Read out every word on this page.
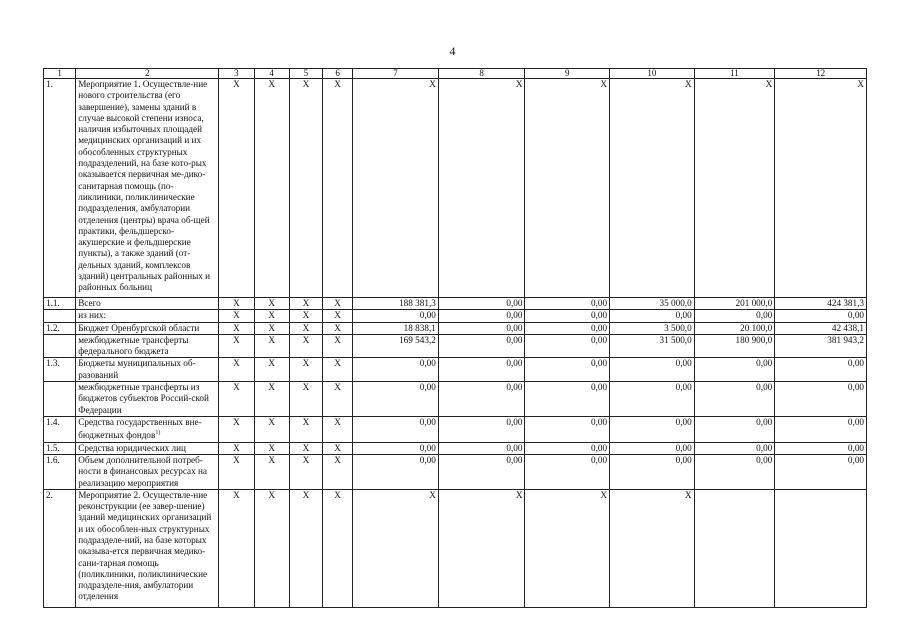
4
1	2	3	4	5	6	7	8	9	10	11	12
1.	Мероприятие 1. Осуществле-ние нового строительства (его завершение), замены зданий в случае высокой степени износа, наличия избыточных площадей медицинских организаций и их обособленных структурных подразделений, на базе кото-рых оказывается первичная ме-дико-санитарная помощь (по-ликлиники, поликлинические подразделения, амбулатории отделения (центры) врача об-щей практики, фельдшерско-акушерские и фельдшерские пункты), а также зданий (от-дельных зданий, комплексов зданий) центральных районных и районных больниц	X	X	X	X	X	X	X	X	X	X
1.1.	Всего	X	X	X	X	188 381,3	0,00	0,00	35 000,0	201 000,0	424 381,3
	из них:	X	X	X	X	0,00	0,00	0,00	0,00	0,00	0,00
1.2.	Бюджет Оренбургской области	X	X	X	X	18 838,1	0,00	0,00	3 500,0	20 100,0	42 438,1
	межбюджетные трансферты федерального бюджета	X	X	X	X	169 543,2	0,00	0,00	31 500,0	180 900,0	381 943,2
1.3.	Бюджеты муниципальных об-разований	X	X	X	X	0,00	0,00	0,00	0,00	0,00	0,00
	межбюджетные трансферты из бюджетов субъектов Россий-ской Федерации	X	X	X	X	0,00	0,00	0,00	0,00	0,00	0,00
1.4.	Средства государственных вне-бюджетных фондов$^{1)}$	X	X	X	X	0,00	0,00	0,00	0,00	0,00	0,00
1.5.	Средства юридических лиц	X	X	X	X	0,00	0,00	0,00	0,00	0,00	0,00
1.6.	Объем дополнительной потреб-ности в финансовых ресурсах на реализацию мероприятия	X	X	X	X	0,00	0,00	0,00	0,00	0,00	0,00
2.	Мероприятие 2. Осуществле-ние реконструкции (ее завер-шение) зданий медицинских организаций и их обособлен-ных структурных подразделе-ний, на базе которых оказыва-ется первичная медико-сани-тарная помощь (поликлиники, поликлинические подразделе-ния, амбулатории отделения	X	X	X	X	X	X	X	X		
